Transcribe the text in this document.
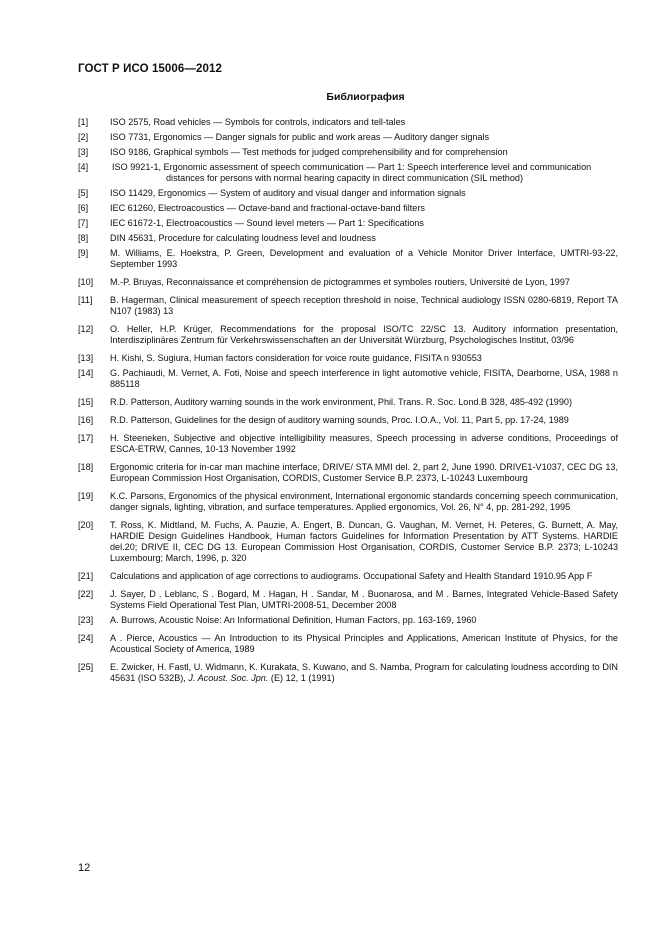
ГОСТ Р ИСО 15006—2012
Библиография
[1]	ISO 2575, Road vehicles — Symbols for controls, indicators and tell-tales
[2]	ISO 7731, Ergonomics — Danger signals for public and work areas — Auditory danger signals
[3]	ISO 9186, Graphical symbols — Test methods for judged comprehensibility and for comprehension
[4]	ISO 9921-1, Ergonomic assessment of speech communication — Part 1: Speech interference level and communication distances for persons with normal hearing capacity in direct communication (SIL method)
[5]	ISO 11429, Ergonomics — System of auditory and visual danger and information signals
[6]	IEC 61260, Electroacoustics — Octave-band and fractional-octave-band filters
[7]	IEC 61672-1, Electroacoustics — Sound level meters — Part 1: Specifications
[8]	DIN 45631, Procedure for calculating loudness level and loudness
[9]	M. Williams, E. Hoekstra, P. Green, Development and evaluation of a Vehicle Monitor Driver Interface, UMTRI-93-22, September 1993
[10]	M.-P. Bruyas, Reconnaissance et compréhension de pictogrammes et symboles routiers, Université de Lyon, 1997
[11]	B. Hagerman, Clinical measurement of speech reception threshold in noise, Technical audiology ISSN 0280‐6819, Report TA N107 (1983) 13
[12]	O. Heller, H.P. Krüger, Recommendations for the proposal ISO/TC 22/SC 13. Auditory information presentation, Interdisziplinäres Zentrum für Verkehrswissenschaften an der Universität Würzburg, Psychologisches Institut, 03/96
[13]	H. Kishi, S. Sugiura, Human factors consideration for voice route guidance, FISITA n 930553
[14]	G. Pachiaudi, M. Vernet, A. Foti, Noise and speech interference in light automotive vehicle, FISITA, Dearborne, USA, 1988 n 885118
[15]	R.D. Patterson, Auditory warning sounds in the work environment, Phil. Trans. R. Soc. Lond.B 328, 485‐492 (1990)
[16]	R.D. Patterson, Guidelines for the design of auditory warning sounds, Proc. I.O.A., Vol. 11, Part 5, pp. 17‐24, 1989
[17]	H. Steeneken, Subjective and objective intelligibility measures, Speech processing in adverse conditions, Proceedings of ESCA-ETRW, Cannes, 10‐13 November 1992
[18]	Ergonomic criteria for in-car man machine interface, DRIVE/ STA MMI del. 2, part 2, June 1990. DRIVE1-V1037, CEC DG 13, European Commission Host Organisation, CORDIS, Customer Service B.P. 2373, L‐10243 Luxembourg
[19]	K.C. Parsons, Ergonomics of the physical environment, International ergonomic standards concerning speech communication, danger signals, lighting, vibration, and surface temperatures. Applied ergonomics, Vol. 26, N° 4, pp. 281‐292, 1995
[20]	T. Ross, K. Midtland, M. Fuchs, A. Pauzie, A. Engert, B. Duncan, G. Vaughan, M. Vernet, H. Peteres, G. Burnett, A. May, HARDIE Design Guidelines Handbook, Human factors Guidelines for Information Presentation by ATT Systems. HARDIE del.20; DRIVE II, CEC DG 13. European Commission Host Organisation, CORDIS, Customer Service B.P. 2373; L‐10243 Luxembourg; March, 1996, p. 320
[21]	Calculations and application of age corrections to audiograms. Occupational Safety and Health Standard 1910.95 App F
[22]	J. Sayer, D . Leblanc, S . Bogard, M . Hagan, H . Sandar, M . Buonarosa, and M . Barnes, Integrated Vehicle-Based Safety Systems Field Operational Test Plan, UMTRI-2008-51, December 2008
[23]	A. Burrows, Acoustic Noise: An Informational Definition, Human Factors, pp. 163‐169, 1960
[24]	A . Pierce, Acoustics — An Introduction to its Physical Principles and Applications, American Institute of Physics, for the Acoustical Society of America, 1989
[25]	E. Zwicker, H. Fastl, U. Widmann, K. Kurakata, S. Kuwano, and S. Namba, Program for calculating loudness according to DIN 45631 (ISO 532B), J. Acoust. Soc. Jpn. (E) 12, 1 (1991)
12
